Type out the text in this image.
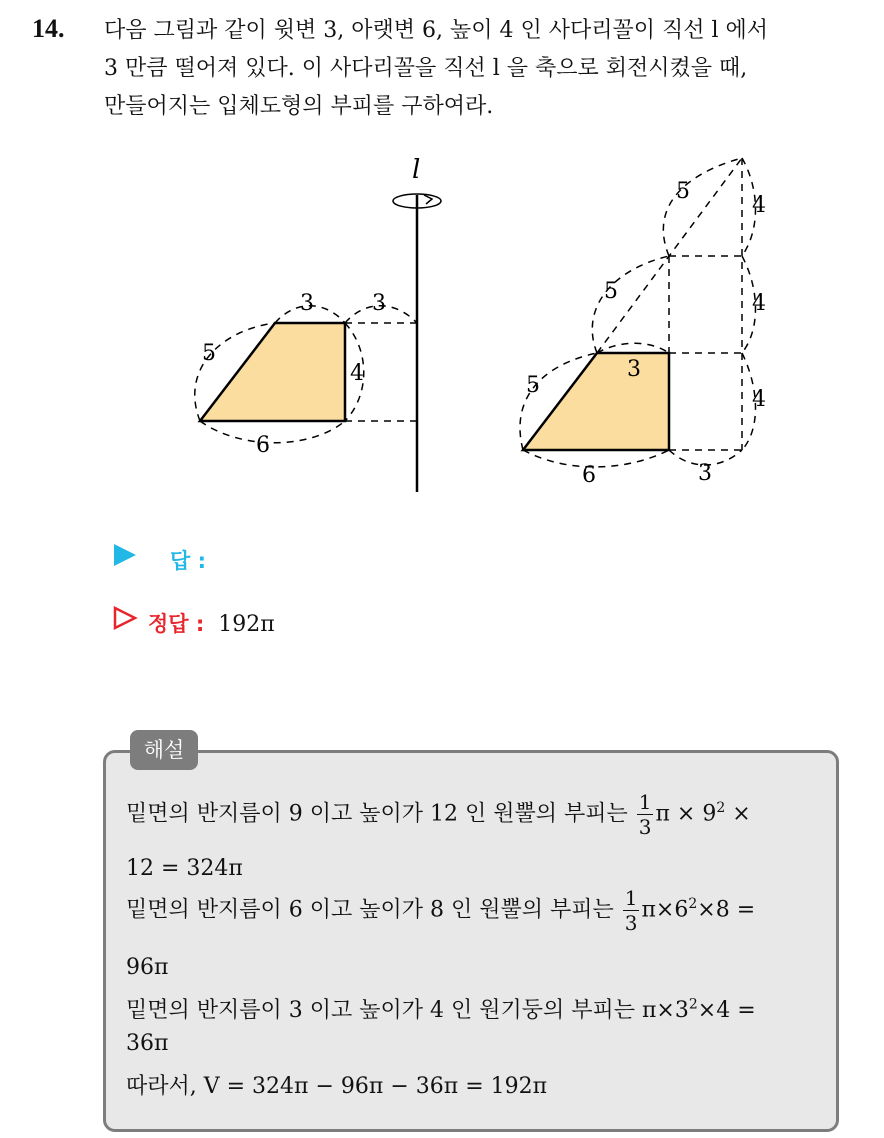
14. 다음 그림과 같이 윗변 3, 아랫변 6, 높이 4 인 사다리꼴이 직선 l 에서
3 만큼 떨어져 있다. 이 사다리꼴을 직선 l 을 축으로 회전시켰을 때,
만들어지는 입체도형의 부피를 구하여라.
l
3	3
5
4
6
5
4
5	4
3
5
4
6	3
답 :
정답 : 192π
해설
밑면의 반지름이 9 이고 높이가 12 인 원뿔의 부피는 $\frac{1}{3}$ $\pi \times 9^2$ ×
12 = 324π
밑면의 반지름이 6 이고 높이가 8 인 원뿔의 부피는 $\frac{1}{3} \pi\times 6^2\times 8$ =
96π
밑면의 반지름이 3 이고 높이가 4 인 원기둥의 부피는 $\pi\times 3^2\times 4$ =
36π
따라서, V = 324π − 96π − 36π = 192π
